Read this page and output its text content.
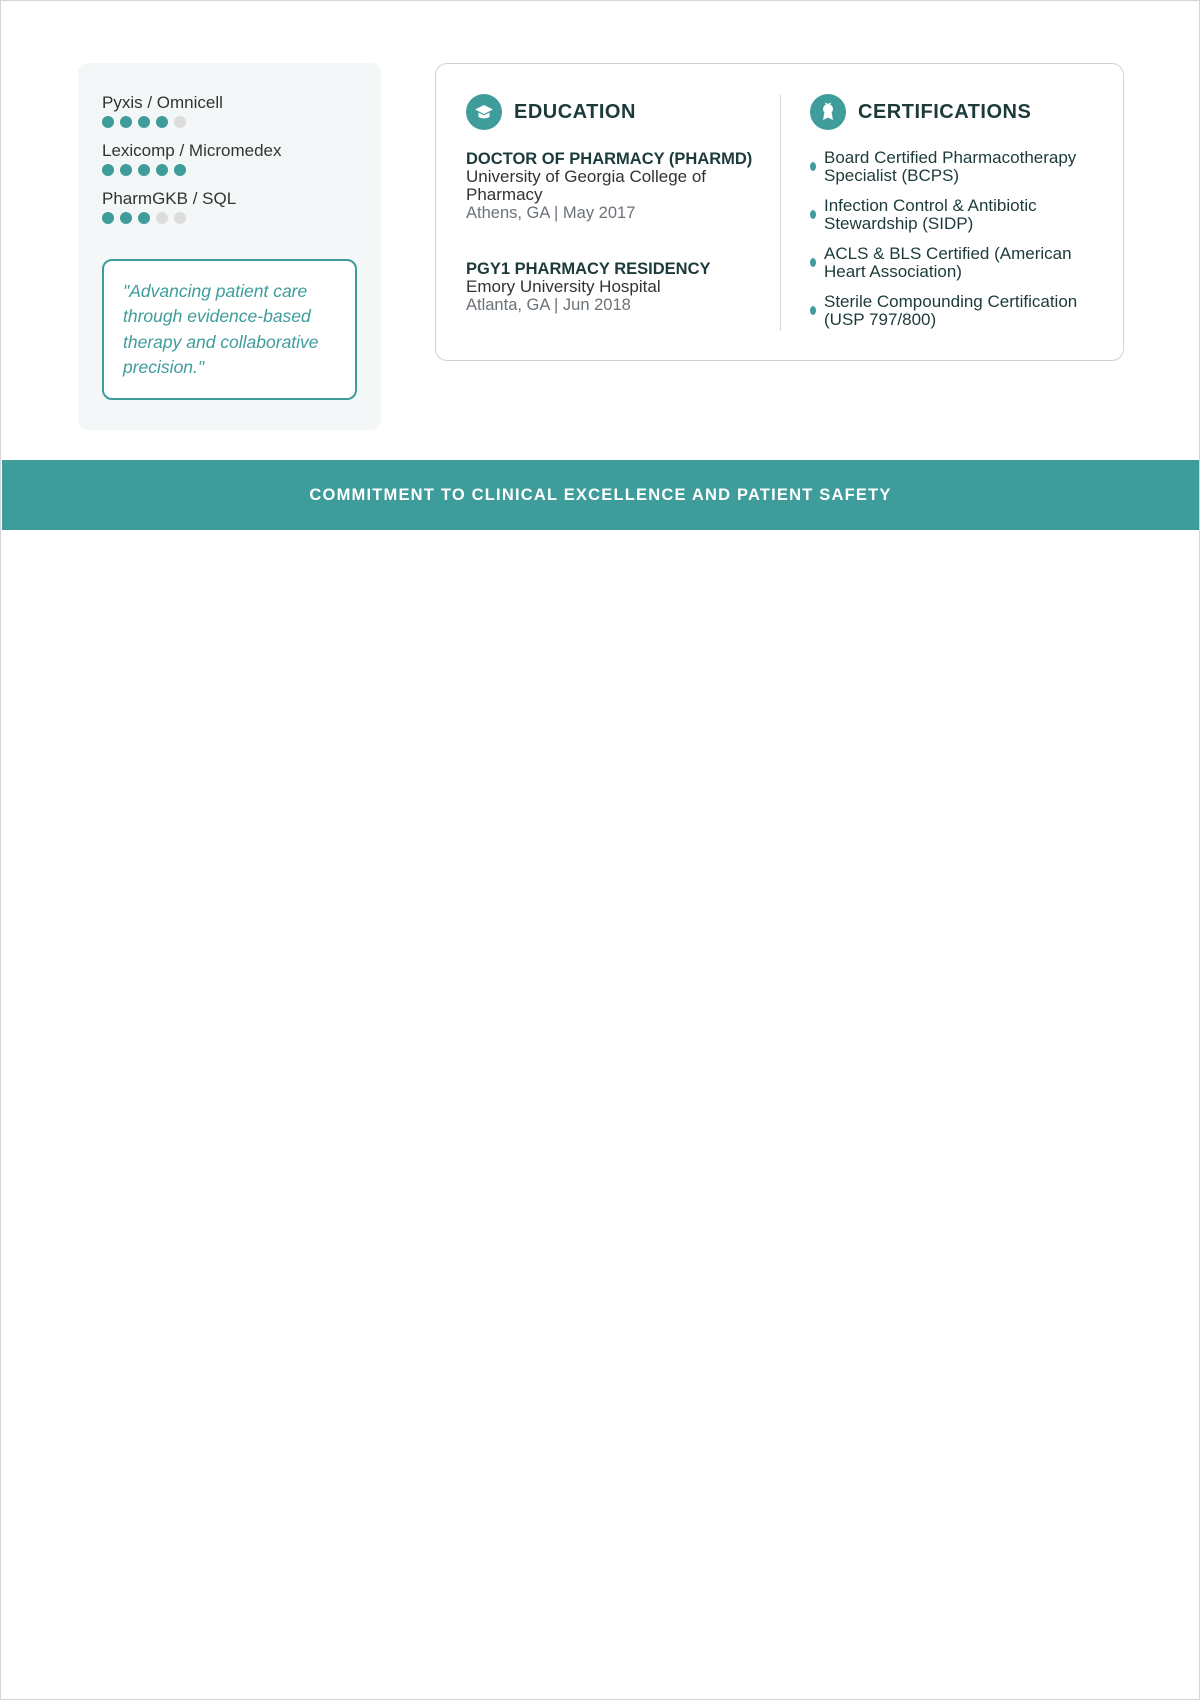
Pyxis / Omnicell
Lexicomp / Micromedex
PharmGKB / SQL
"Advancing patient care through evidence-based therapy and collaborative precision."
EDUCATION
DOCTOR OF PHARMACY (PHARMD)
University of Georgia College of Pharmacy
Athens, GA | May 2017
PGY1 PHARMACY RESIDENCY
Emory University Hospital
Atlanta, GA | Jun 2018
CERTIFICATIONS
Board Certified Pharmacotherapy Specialist (BCPS)
Infection Control & Antibiotic Stewardship (SIDP)
ACLS & BLS Certified (American Heart Association)
Sterile Compounding Certification (USP 797/800)
COMMITMENT TO CLINICAL EXCELLENCE AND PATIENT SAFETY
